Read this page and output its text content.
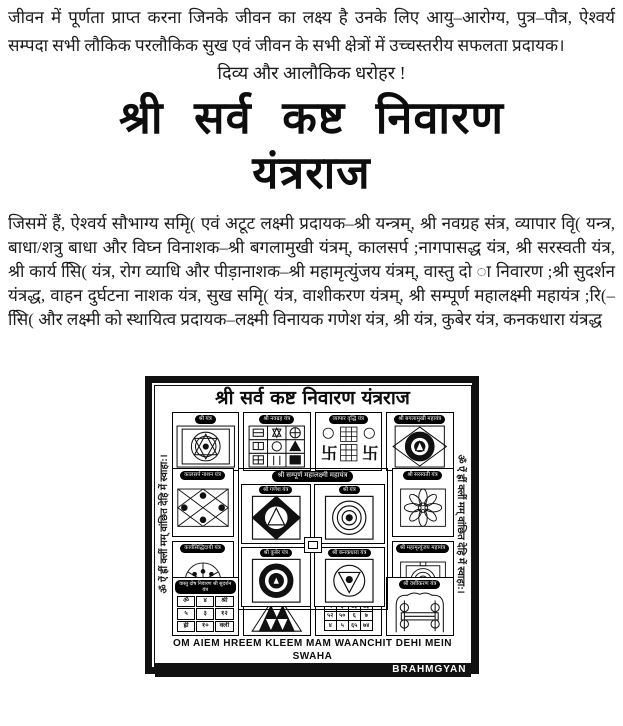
जीवन में पूर्णता प्राप्त करना जिनके जीवन का लक्ष्य है उनके लिए आयु–आरोग्य, पुत्र–पौत्र, ऐश्वर्य सम्पदा सभी लौकिक परलौकिक सुख एवं जीवन के सभी क्षेत्रों में उच्चस्तरीय सफलता प्रदायक।

दिव्य और आलौकिक धरोहर !

श्री सर्व कष्ट निवारण
यंत्रराज

जिसमें हैं, ऐश्वर्य सौभाग्य समृि( एवं अटूट लक्ष्मी प्रदायक–श्री यन्त्रम्, श्री नवग्रह संत्र, व्यापार वृि( यन्त्र, बाधा/शत्रु बाधा और विघ्न विनाशक–श्री बगलामुखी यंत्रम्, कालसर्प ;नागपासद्ध यंत्र, श्री सरस्वती यंत्र, श्री कार्य सिि( यंत्र, रोग व्याधि और पीड़ानाशक–श्री महामृत्युंजय यंत्रम्, वास्तु दो ा निवारण ;श्री सुदर्शन यंत्रद्ध, वाहन दुर्घटना नाशक यंत्र, सुख समृि( यंत्र, वाशीकरण यंत्रम्, श्री सम्पूर्ण महालक्ष्मी महायंत्र ;रि(–सिि( और लक्ष्मी को स्थायित्व प्रदायक–लक्ष्मी विनायक गणेश यंत्र, श्री यंत्र, कुबेर यंत्र, कनकधारा यंत्रद्ध

श्री सर्व कष्ट निवारण यंत्रराज
ॐ ऐं ह्रीं क्लीं मम् वांछित देहि में स्वाहा:।
श्री यंत्र	श्री नवग्रह यंत्र	व्यापार वृद्धि यंत्र
卐 卐
श्री बगलामुखी महायंत्र
कालसर्प नाशन यंत्र
कार्यसिद्धिदायी यंत्र
श्री सम्पूर्ण महालक्ष्मी महायंत्र
श्री गणेश यंत्र	श्री यंत्र
श्री कुबेर यंत्र	श्री कनकधारा यंत्र
श्री सरस्वती यंत्र
श्री महामृत्युंजय महायंत्र
वास्तु दोष निवारण श्री सुदर्शन यंत्र
ॐ	४	श्री
५	३	१२
ह्रीं	१०	क्ली

५२	५०	६	७
४	५	६५	७४
श्री वशीकरण यंत्र	ॐ ऐं ह्रीं क्लीं मम् वांछित देहि में स्वाहा:।
OM AIEM HREEM KLEEM MAM WAANCHIT DEHI MEIN SWAHA
BRAHMGYAN
